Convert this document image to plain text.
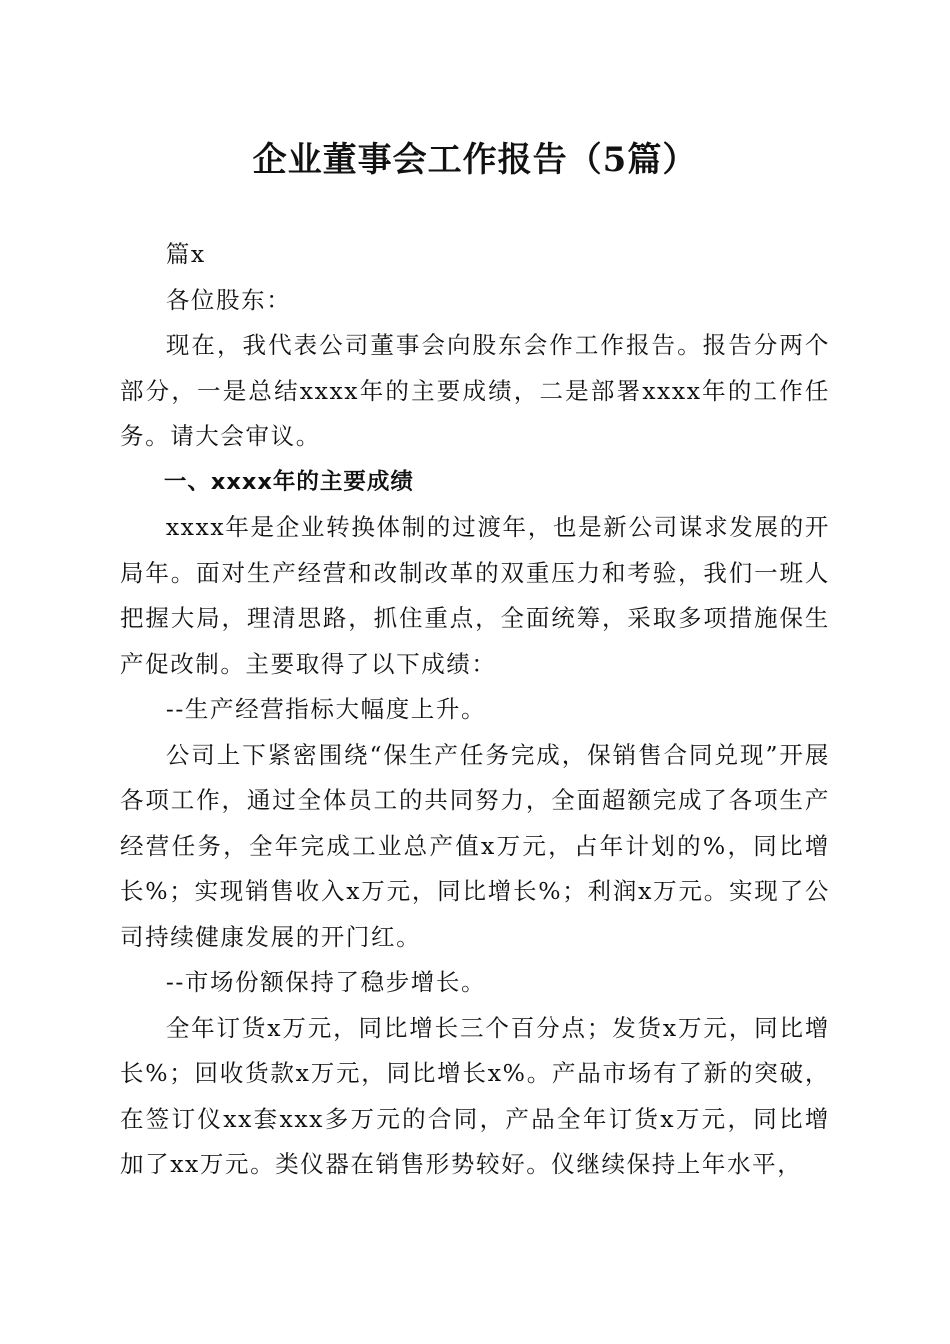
企业董事会工作报告（5篇）

篇x

各位股东：

现在，我代表公司董事会向股东会作工作报告。报告分两个部分，一是总结xxxx年的主要成绩，二是部署xxxx年的工作任务。请大会审议。

一、xxxx年的主要成绩

xxxx年是企业转换体制的过渡年，也是新公司谋求发展的开局年。面对生产经营和改制改革的双重压力和考验，我们一班人把握大局，理清思路，抓住重点，全面统筹，采取多项措施保生产促改制。主要取得了以下成绩：

--生产经营指标大幅度上升。

公司上下紧密围绕“保生产任务完成，保销售合同兑现”开展各项工作，通过全体员工的共同努力，全面超额完成了各项生产经营任务，全年完成工业总产值x万元，占年计划的%，同比增长%；实现销售收入x万元，同比增长%；利润x万元。实现了公司持续健康发展的开门红。

--市场份额保持了稳步增长。

全年订货x万元，同比增长三个百分点；发货x万元，同比增长%；回收货款x万元，同比增长x%。产品市场有了新的突破，在签订仪xx套xxx多万元的合同，产品全年订货x万元，同比增加了xx万元。类仪器在销售形势较好。仪继续保持上年水平，
